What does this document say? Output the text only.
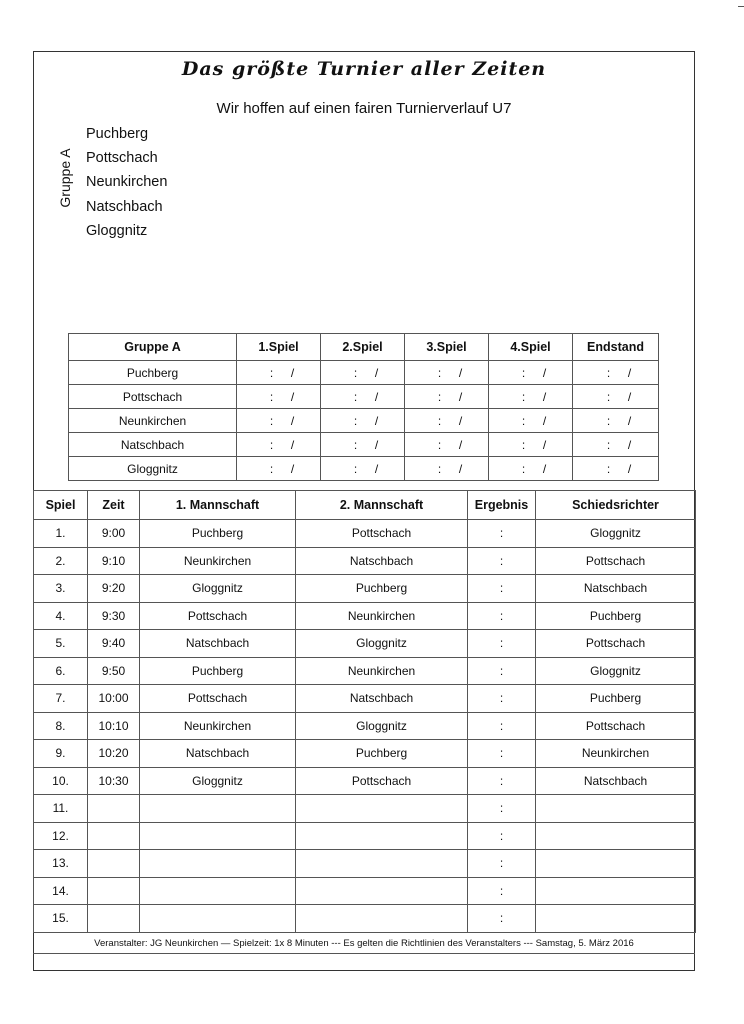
Das größte Turnier aller Zeiten
Wir hoffen auf einen fairen Turnierverlauf U7
Gruppe A
Puchberg
Pottschach
Neunkirchen
Natschbach
Gloggnitz
Gruppe A	1.Spiel	2.Spiel	3.Spiel	4.Spiel	Endstand
Puchberg	: /	: /	: /	: /	: /
Pottschach	: /	: /	: /	: /	: /
Neunkirchen	: /	: /	: /	: /	: /
Natschbach	: /	: /	: /	: /	: /
Gloggnitz	: /	: /	: /	: /	: /
Spiel	Zeit	1. Mannschaft	2. Mannschaft	Ergebnis	Schiedsrichter
1.	9:00	Puchberg	Pottschach	:	Gloggnitz
2.	9:10	Neunkirchen	Natschbach	:	Pottschach
3.	9:20	Gloggnitz	Puchberg	:	Natschbach
4.	9:30	Pottschach	Neunkirchen	:	Puchberg
5.	9:40	Natschbach	Gloggnitz	:	Pottschach
6.	9:50	Puchberg	Neunkirchen	:	Gloggnitz
7.	10:00	Pottschach	Natschbach	:	Puchberg
8.	10:10	Neunkirchen	Gloggnitz	:	Pottschach
9.	10:20	Natschbach	Puchberg	:	Neunkirchen
10.	10:30	Gloggnitz	Pottschach	:	Natschbach
11.				:	
12.				:	
13.				:	
14.				:	
15.				:	
Veranstalter: JG Neunkirchen — Spielzeit: 1x 8 Minuten --- Es gelten die Richtlinien des Veranstalters --- Samstag, 5. März 2016
